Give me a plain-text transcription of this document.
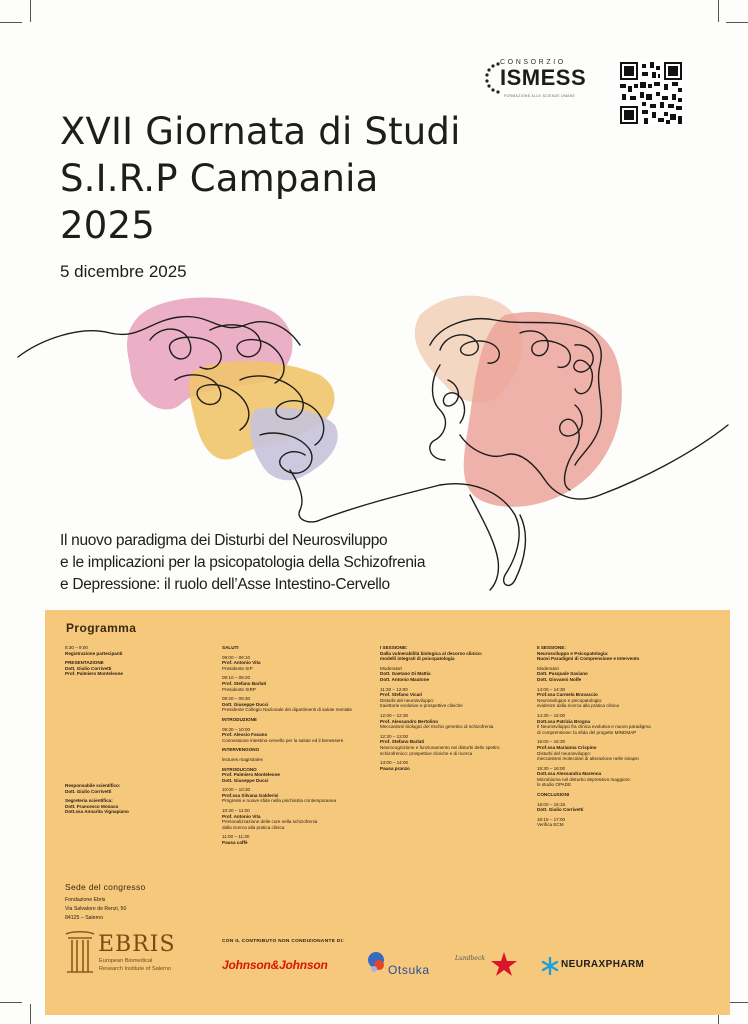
CONSORZIO
ISMESS
FORMAZIONE ALLE SCIENZE UMANE
XVII Giornata di Studi
S.I.R.P Campania
2025
5 dicembre 2025
Il nuovo paradigma dei Disturbi del Neurosviluppo
e le implicazioni per la psicopatologia della Schizofrenia
e Depressione: il ruolo dell’Asse Intestino-Cervello
Programma
8:30 – 9:00
Registrazione partecipanti
PRESENTAZIONE
Dott. Giulio Corrivetti
Prof. Palmiero Monteleone
Responsabile scientifico:
Dott. Giulio Corrivetti
Segreteria scientifica:
Dott. Francesco Monaco
Dott.ssa Annarita Vignapiano
SALUTI
09:00 – 09:10
Prof. Antonio Vita
Presidente SIP
09:10 – 09:20
Prof. Stefano Barlati
Presidente SIRP
09:20 – 09:30
Dott. Giuseppe Ducci
Presidente Collegio Nazionale dei dipartimenti di salute mentale
INTRODUZIONE
09:30 – 10:00
Prof. Alessio Fasano
Connessione intestino-cervello per la salute ed il benessere
INTERVENGONO
lectures magistrales
INTRODUCONO
Prof. Palmiero Monteleone
Dott. Giuseppe Ducci
10:00 – 10:30
Prof.ssa Silvana Galderisi
Progressi e nuove sfide nella psichiatria contemporanea
10:30 – 11:00
Prof. Antonio Vita
Personalizzazione delle cure nella schizofrenia
dalla ricerca alla pratica clinica
11:00 – 11:30
Pausa caffè
I SESSIONE:
Dalla vulnerabilità biologica al decorso clinico:
modelli integrati di psicopatologia
Moderatori
Dott. Gaetano Di Mattia
Dott. Antonio Mautone
11:30 – 12:00
Prof. Stefano Vicari
Disturbi del neurosviluppo:
traiettorie evolutive e prospettive cliniche
12:00 – 12:30
Prof. Alessandro Bertolino
Meccanismi biologici del rischio genetico di schizofrenia
12:30 – 13:00
Prof. Stefano Barlati
Neurocognizione e funzionamento nei disturbi dello spettro
schizofrenico: prospettive cliniche e di ricerca
13:00 – 14:00
Pausa pranzo
II SESSIONE:
Neurosviluppo e Psicopatologia:
Nuovi Paradigmi di Comprensione e Intervento
Moderatori
Dott. Pasquale Saviano
Dott. Giovanni Nolfe
14:00 – 14:30
Prof.ssa Carmela Bravaccio
Neurosviluppo e psicopatologia:
evidenze dalla ricerca alla pratica clinica
14:30 – 15:00
Dott.ssa Patrizia Brogna
Il Neurosviluppo fra clinica evolutiva e nuovo paradigma
di comprensione: la sfida del progetto MINDMAP
15:00 – 15:30
Prof.ssa Marianna Crispino
Disturbi del neurosviluppo:
meccanismi molecolari di alterazione nelle sinapsi
15:30 – 16:00
Dott.ssa Alessandra Marenna
Microbioma nel disturbo depressivo maggiore:
lo studio OPADE
CONCLUSIONI
16:00 – 16:15
Dott. Giulio Corrivetti
16:15 – 17:00
Verifica ECM
Sede del congresso
Fondazione Ebris
Via Salvatore de Renzi, 50
84125 – Salerno
EBRIS
European Biomedical
Research Institute of Salerno
CON IL CONTRIBUTO NON CONDIZIONANTE DI:
Johnson&Johnson	Otsuka
Lundbeck
NEURAXPHARM
